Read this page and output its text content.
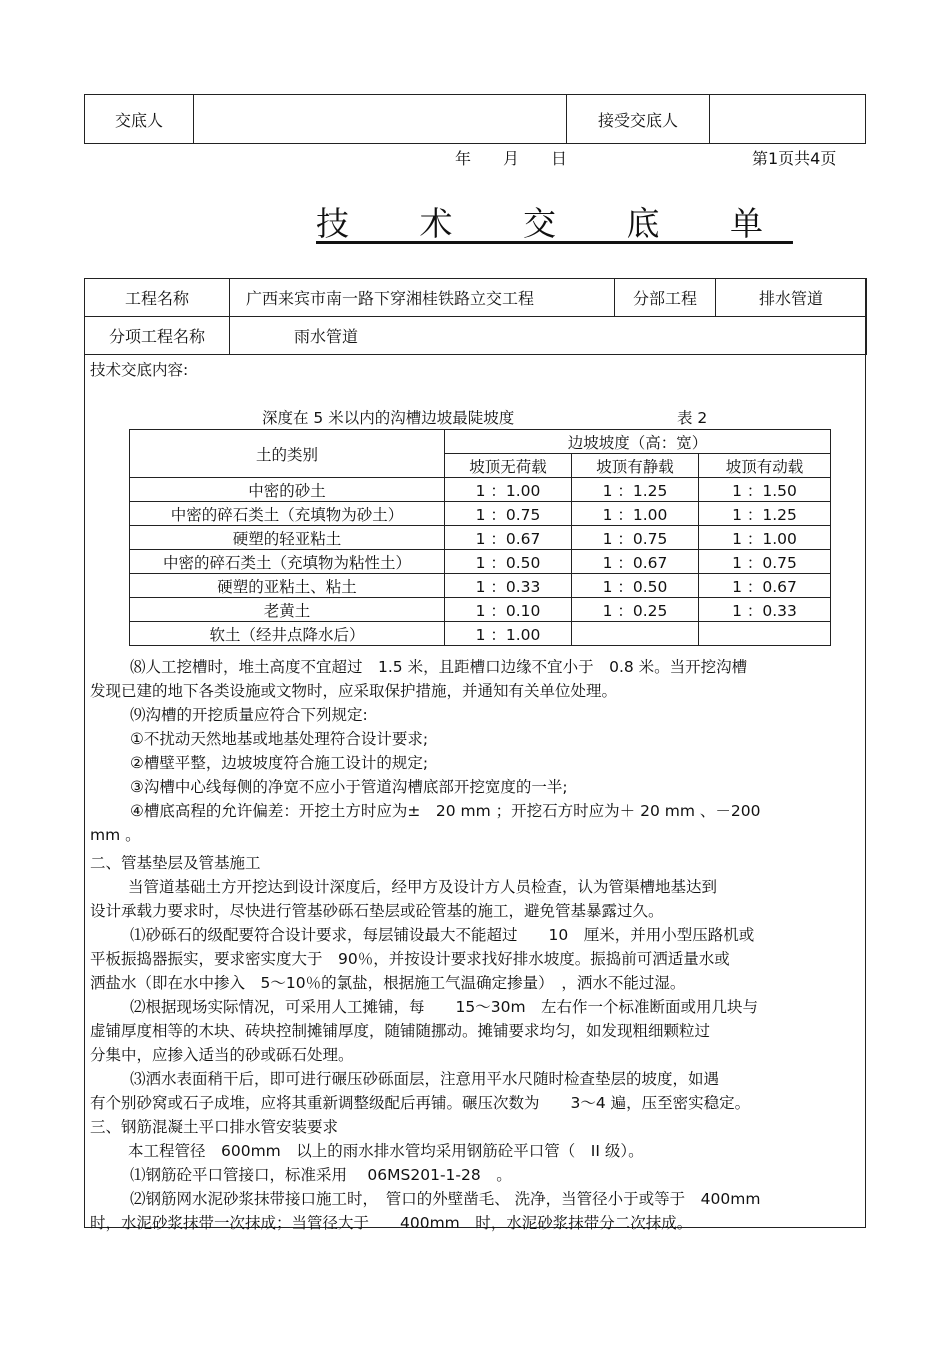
交底人		接受交底人	
年 月 日	第1页共4页
技 术 交 底 单
工程名称	广西来宾市南一路下穿湘桂铁路立交工程	分部工程	排水管道
分项工程名称	雨水管道		
技术交底内容:
深度在 5 米以内的沟槽边坡最陡坡度	表 2
土的类别	边坡坡度（高：宽）		
	坡顶无荷载	坡顶有静载	坡顶有动载
中密的砂土	1 ：1.00	1 ：1.25	1 ：1.50
中密的碎石类土（充填物为砂土）	1 ：0.75	1 ：1.00	1 ：1.25
硬塑的轻亚粘土	1 ：0.67	1 ：0.75	1 ：1.00
中密的碎石类土（充填物为粘性土）	1 ：0.50	1 ：0.67	1 ：0.75
硬塑的亚粘土、粘土	1 ：0.33	1 ：0.50	1 ：0.67
老黄土	1 ：0.10	1 ：0.25	1 ：0.33
软土（经井点降水后）	1 ：1.00		
⑻人工挖槽时，堆土高度不宜超过　1.5 米，且距槽口边缘不宜小于　0.8 米。当开挖沟槽
发现已建的地下各类设施或文物时，应采取保护措施，并通知有关单位处理。
⑼沟槽的开挖质量应符合下列规定:
①不扰动天然地基或地基处理符合设计要求;
②槽壁平整，边坡坡度符合施工设计的规定;
③沟槽中心线每侧的净宽不应小于管道沟槽底部开挖宽度的一半;
④槽底高程的允许偏差：开挖土方时应为±　20 mm ；开挖石方时应为＋ 20 mm 、－200
mm 。
二、管基垫层及管基施工
当管道基础土方开挖达到设计深度后，经甲方及设计方人员检查，认为管渠槽地基达到
设计承载力要求时，尽快进行管基砂砾石垫层或砼管基的施工，避免管基暴露过久。
⑴砂砾石的级配要符合设计要求，每层铺设最大不能超过　　10　厘米，并用小型压路机或
平板振捣器振实，要求密实度大于　90％，并按设计要求找好排水坡度。振捣前可洒适量水或
洒盐水（即在水中掺入　5～10％的氯盐，根据施工气温确定掺量）　，洒水不能过湿。
⑵根据现场实际情况，可采用人工摊铺，每　　15～30m　左右作一个标准断面或用几块与
虚铺厚度相等的木块、砖块控制摊铺厚度，随铺随挪动。摊铺要求均匀，如发现粗细颗粒过
分集中，应掺入适当的砂或砾石处理。
⑶洒水表面稍干后，即可进行碾压砂砾面层，注意用平水尺随时检查垫层的坡度，如遇
有个别砂窝或石子成堆，应将其重新调整级配后再铺。碾压次数为　　3～4 遍，压至密实稳定。
三、钢筋混凝土平口排水管安装要求
本工程管径　600mm　以上的雨水排水管均采用钢筋砼平口管（　II 级）。
⑴钢筋砼平口管接口，标准采用　 06MS201-1-28　。
⑵钢筋网水泥砂浆抹带接口施工时，　管口的外壁凿毛、 洗净，当管径小于或等于　400mm
时，水泥砂浆抹带一次抹成；当管径大于　　400mm　时，水泥砂浆抹带分二次抹成。
